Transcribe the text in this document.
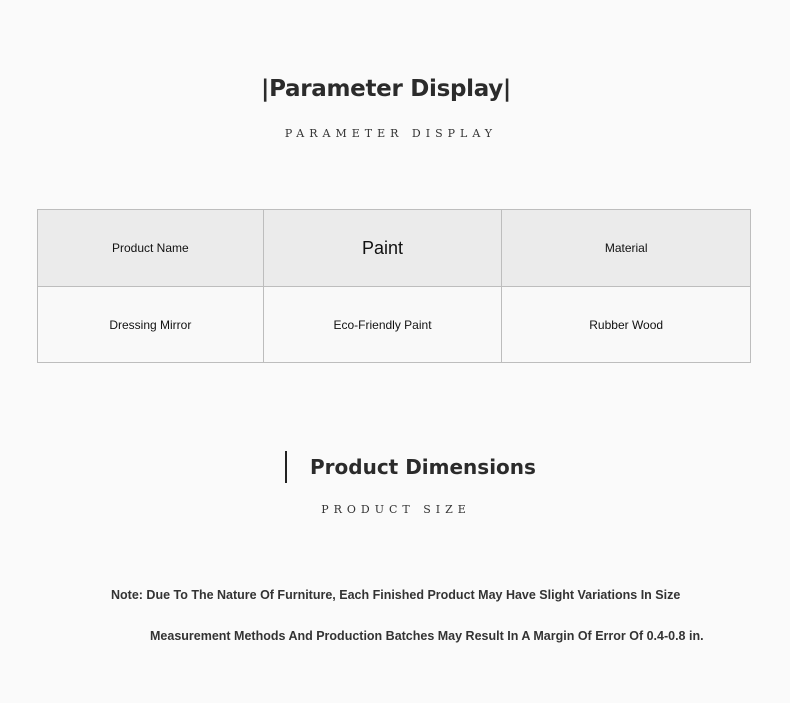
|Parameter Display|
PARAMETER DISPLAY
Product Name	Paint	Material
Dressing Mirror	Eco-Friendly Paint	Rubber Wood
Product Dimensions
PRODUCT SIZE
Note: Due To The Nature Of Furniture, Each Finished Product May Have Slight Variations In Size
Measurement Methods And Production Batches May Result In A Margin Of Error Of 0.4-0.8 in.
